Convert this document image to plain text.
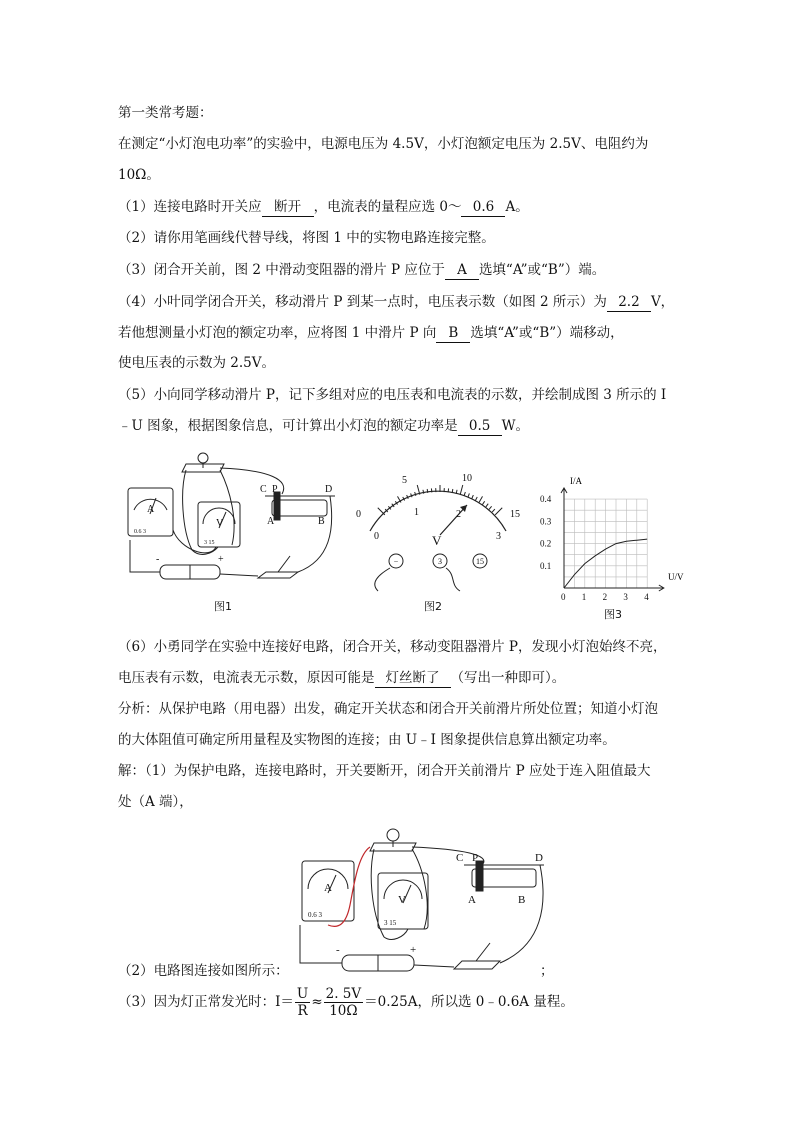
第一类常考题：
在测定“小灯泡电功率”的实验中，电源电压为 4.5V，小灯泡额定电压为 2.5V、电阻约为
10Ω。
（1）连接电路时开关应 断开 ，电流表的量程应选 0～ 0.6 A。
（2）请你用笔画线代替导线，将图 1 中的实物电路连接完整。
（3）闭合开关前，图 2 中滑动变阻器的滑片 P 应位于 A 选填“A”或“B”）端。
（4）小叶同学闭合开关，移动滑片 P 到某一点时，电压表示数（如图 2 所示）为 2.2 V，
若他想测量小灯泡的额定功率，应将图 1 中滑片 P 向 B 选填“A”或“B”）端移动，
使电压表的示数为 2.5V。
（5）小向同学移动滑片 P，记下多组对应的电压表和电流表的示数，并绘制成图 3 所示的 I
﹣U 图象，根据图象信息，可计算出小灯泡的额定功率是 0.5 W。
C P	D
A	B
A
V
0.6 3
3 15
-	+
图1
0
5	10
15
0
1	2
3
V
−	3	15
图2
0 1 2 3 4
0.1
0.2
0.3
0.4
I/A
U/V
图3
（6）小勇同学在实验中连接好电路，闭合开关，移动变阻器滑片 P，发现小灯泡始终不亮，
电压表有示数，电流表无示数，原因可能是 灯丝断了 （写出一种即可）。
分析：从保护电路（用电器）出发，确定开关状态和闭合开关前滑片所处位置；知道小灯泡
的大体阻值可确定所用量程及实物图的连接；由 U﹣I 图象提供信息算出额定功率。
解：（1）为保护电路，连接电路时，开关要断开，闭合开关前滑片 P 应处于连入阻值最大
处（A 端），
C P	D
A	B
A
V
0.6 3
3 15
-	+
（2）电路图连接如图所示：	；
（3）因为灯正常发光时：$I= \frac{U}{R} \approx \frac{2. 5V}{10\Omega} =0.25A$，所以选 0﹣0.6A 量程。
